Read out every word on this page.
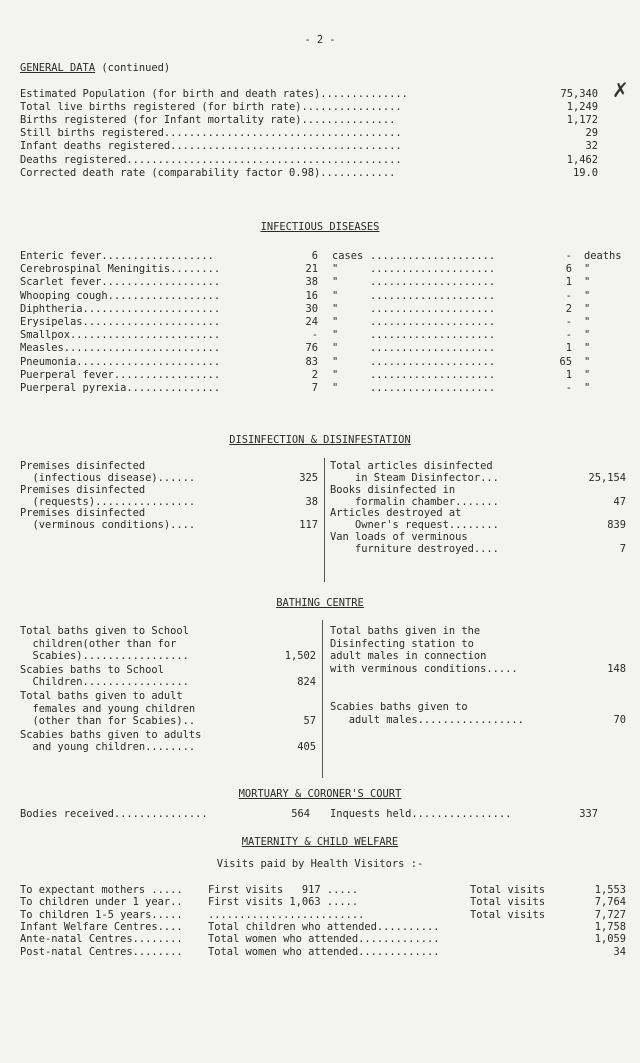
- 2 -
✗
GENERAL DATA (continued)
Estimated Population (for birth and death rates)..............	75,340
Total live births registered (for birth rate)................	1,249
Births registered (for Infant mortality rate)...............	1,172
Still births registered......................................	29
Infant deaths registered.....................................	32
Deaths registered............................................	1,462
Corrected death rate (comparability factor 0.98)............	19.0
INFECTIOUS DISEASES
Enteric fever..................	6 cases ....................	- deaths
Cerebrospinal Meningitis........	21 "	....................	6 "
Scarlet fever...................	38 "	....................	1 "
Whooping cough..................	16 "	....................	- "
Diphtheria......................	30 "	....................	2 "
Erysipelas......................	24 "	....................	- "
Smallpox........................	- "	....................	- "
Measles.........................	76 "	....................	1 "
Pneumonia.......................	83 "	....................	65 "
Puerperal fever.................	2 "	....................	1 "
Puerperal pyrexia...............	7 "	....................	- "
DISINFECTION & DISINFESTATION
Premises disinfected
(infectious disease)......	325
Premises disinfected
(requests)................	38
Premises disinfected
(verminous conditions)....	117
Total articles disinfected
in Steam Disinfector...	25,154
Books disinfected in
formalin chamber.......	47
Articles destroyed at
Owner's request........	839
Van loads of verminous
furniture destroyed....	7
BATHING CENTRE
Total baths given to School
children(other than for
Scabies).................	1,502
Scabies baths to School
Children.................	824
Total baths given to adult
females and young children
(other than for Scabies)..	57
Scabies baths given to adults
and young children........	405
Total baths given in the
Disinfecting station to
adult males in connection
with verminous conditions.....	148
Scabies baths given to
adult males.................	70
MORTUARY & CORONER'S COURT
Bodies received...............	564 Inquests held................	337
MATERNITY & CHILD WELFARE
Visits paid by Health Visitors :-
To expectant mothers ..... First visits   917 .....	Total visits	1,553
To children under 1 year.. First visits 1,063 .....	Total visits	7,764
To children 1-5 years..... .........................	Total visits	7,727
Infant Welfare Centres.... Total children who attended..........	1,758
Ante-natal Centres........ Total women who attended.............	1,059
Post-natal Centres........ Total women who attended.............	34
